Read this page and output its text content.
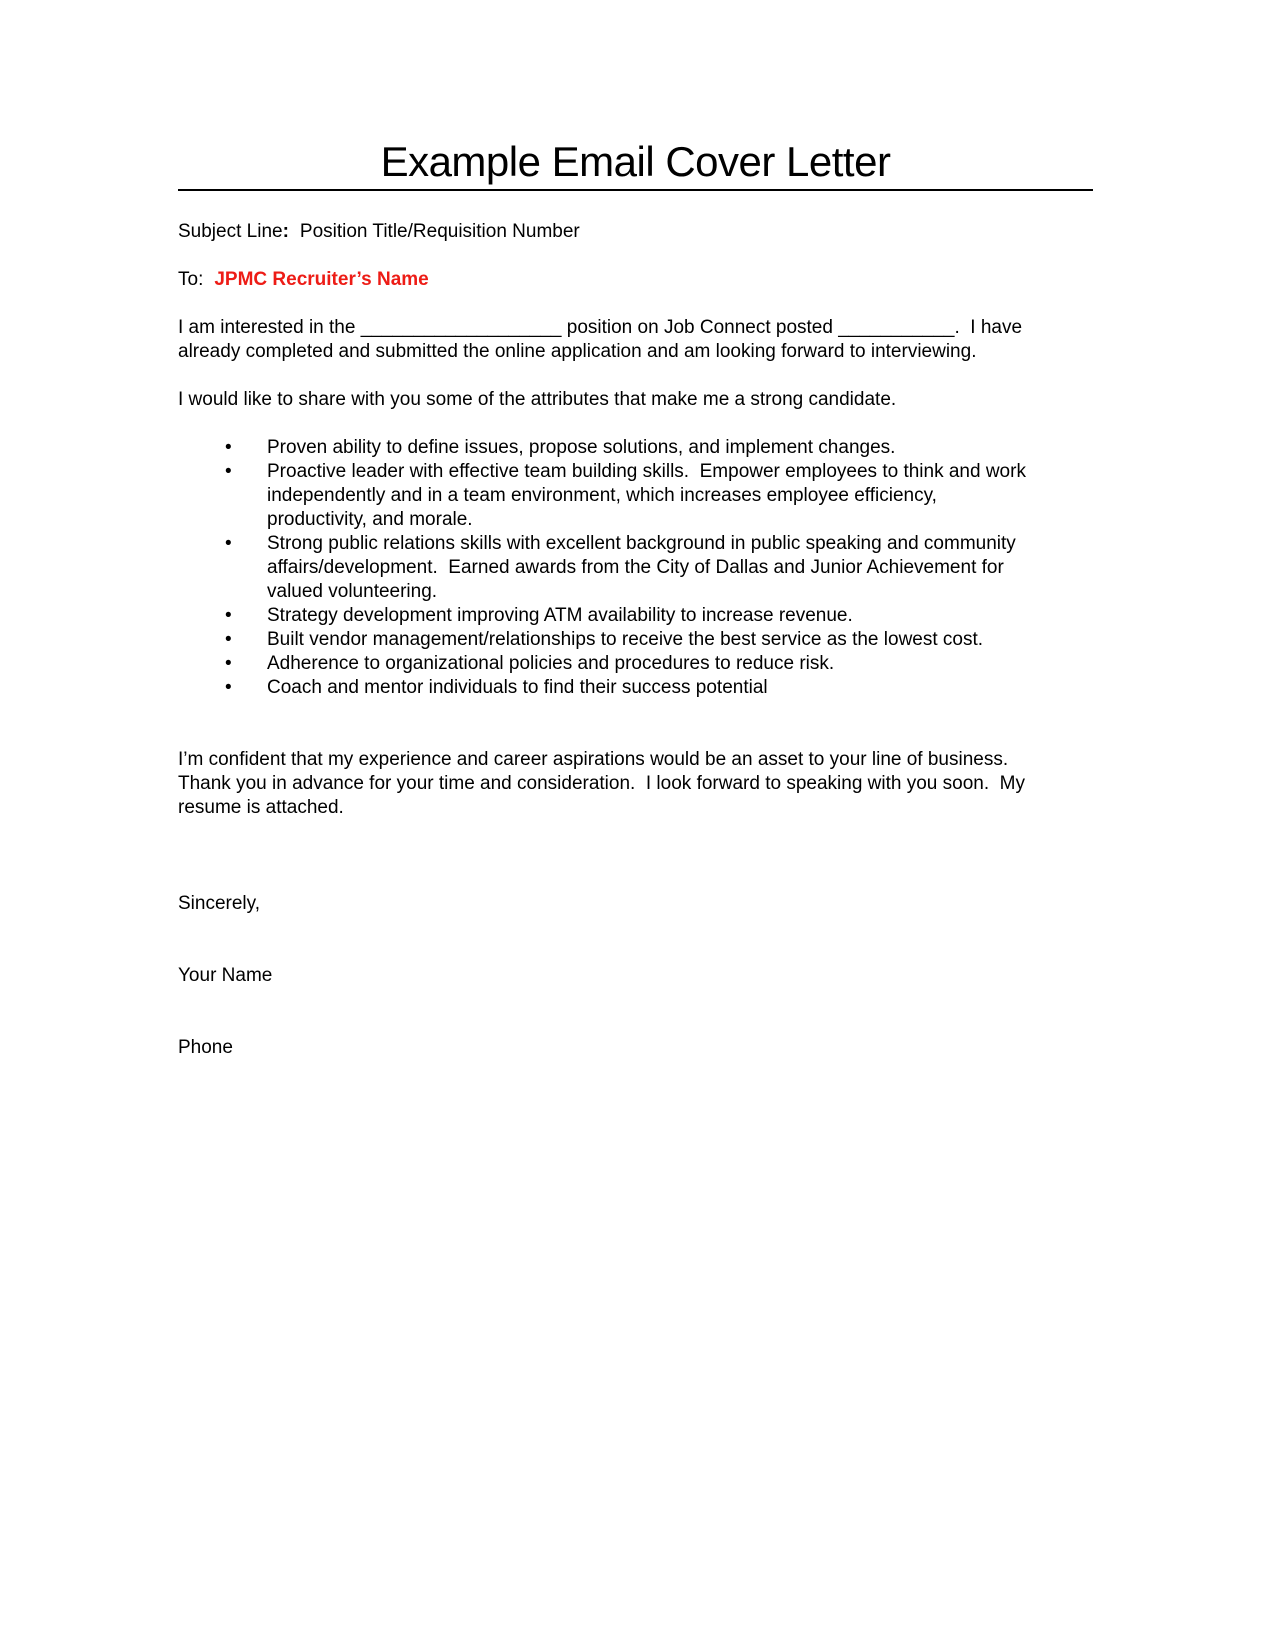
Example Email Cover Letter
Subject Line: Position Title/Requisition Number
To: JPMC Recruiter’s Name

I am interested in the ___________________ position on Job Connect posted ___________.  I have already completed and submitted the online application and am looking forward to interviewing.

I would like to share with you some of the attributes that make me a strong candidate.

• Proven ability to define issues, propose solutions, and implement changes.
• Proactive leader with effective team building skills.  Empower employees to think and work independently and in a team environment, which increases employee efficiency, productivity, and morale.
• Strong public relations skills with excellent background in public speaking and community affairs/development.  Earned awards from the City of Dallas and Junior Achievement for valued volunteering.
• Strategy development improving ATM availability to increase revenue.
• Built vendor management/relationships to receive the best service as the lowest cost.
• Adherence to organizational policies and procedures to reduce risk.
• Coach and mentor individuals to find their success potential

I’m confident that my experience and career aspirations would be an asset to your line of business.  Thank you in advance for your time and consideration.  I look forward to speaking with you soon.  My resume is attached.

Sincerely,

Your Name

Phone
